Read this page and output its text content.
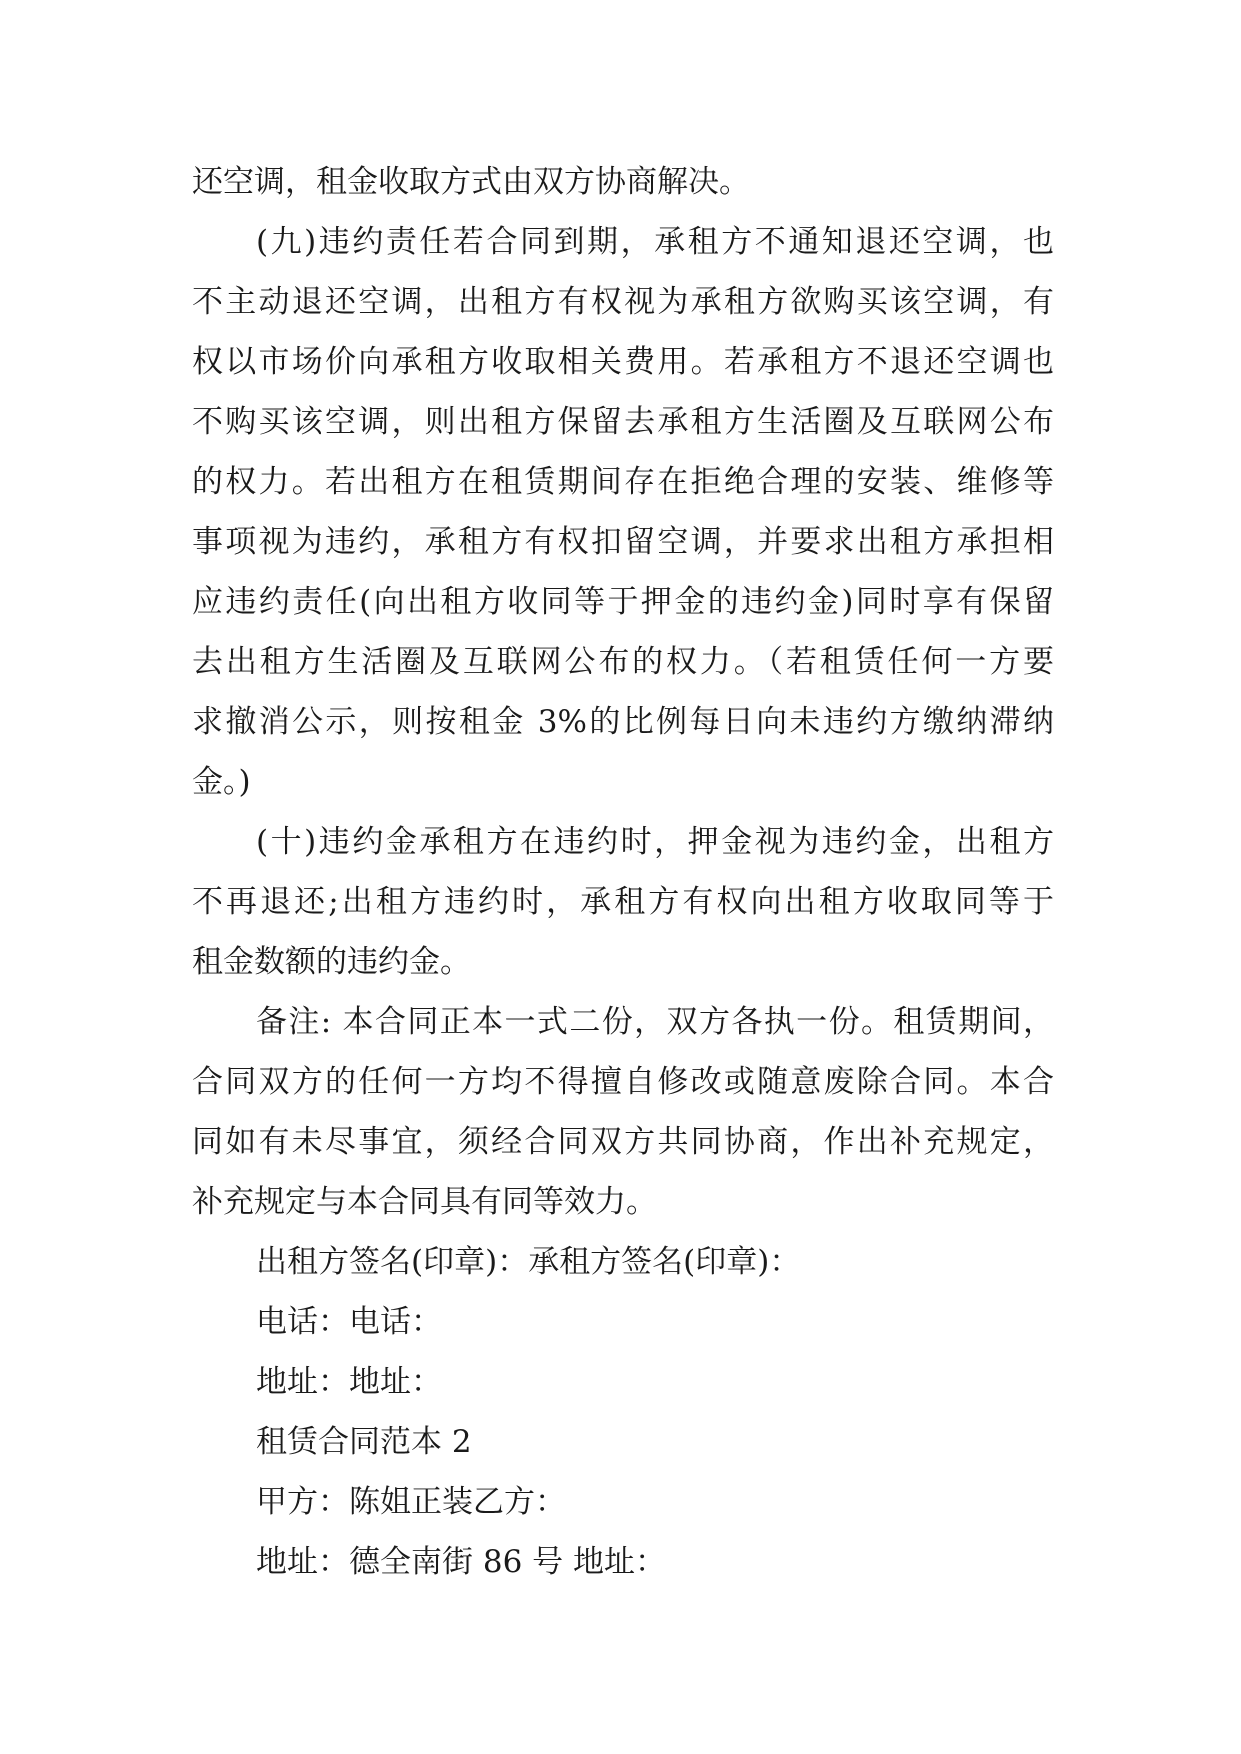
还空调，租金收取方式由双方协商解决。
(九)违约责任若合同到期，承租方不通知退还空调，也
不主动退还空调，出租方有权视为承租方欲购买该空调，有
权以市场价向承租方收取相关费用。若承租方不退还空调也
不购买该空调，则出租方保留去承租方生活圈及互联网公布
的权力。若出租方在租赁期间存在拒绝合理的安装、维修等
事项视为违约，承租方有权扣留空调，并要求出租方承担相
应违约责任(向出租方收同等于押金的违约金)同时享有保留
去出租方生活圈及互联网公布的权力。（若租赁任何一方要
求撤消公示，则按租金 3%的比例每日向未违约方缴纳滞纳
金。)
(十)违约金承租方在违约时，押金视为违约金，出租方
不再退还;出租方违约时，承租方有权向出租方收取同等于
租金数额的违约金。
备注: 本合同正本一式二份，双方各执一份。租赁期间，
合同双方的任何一方均不得擅自修改或随意废除合同。本合
同如有未尽事宜，须经合同双方共同协商，作出补充规定，
补充规定与本合同具有同等效力。
出租方签名(印章)：承租方签名(印章)：
电话：电话：
地址：地址：
租赁合同范本 2
甲方：陈姐正装乙方：
地址：德全南街 86 号 地址：
